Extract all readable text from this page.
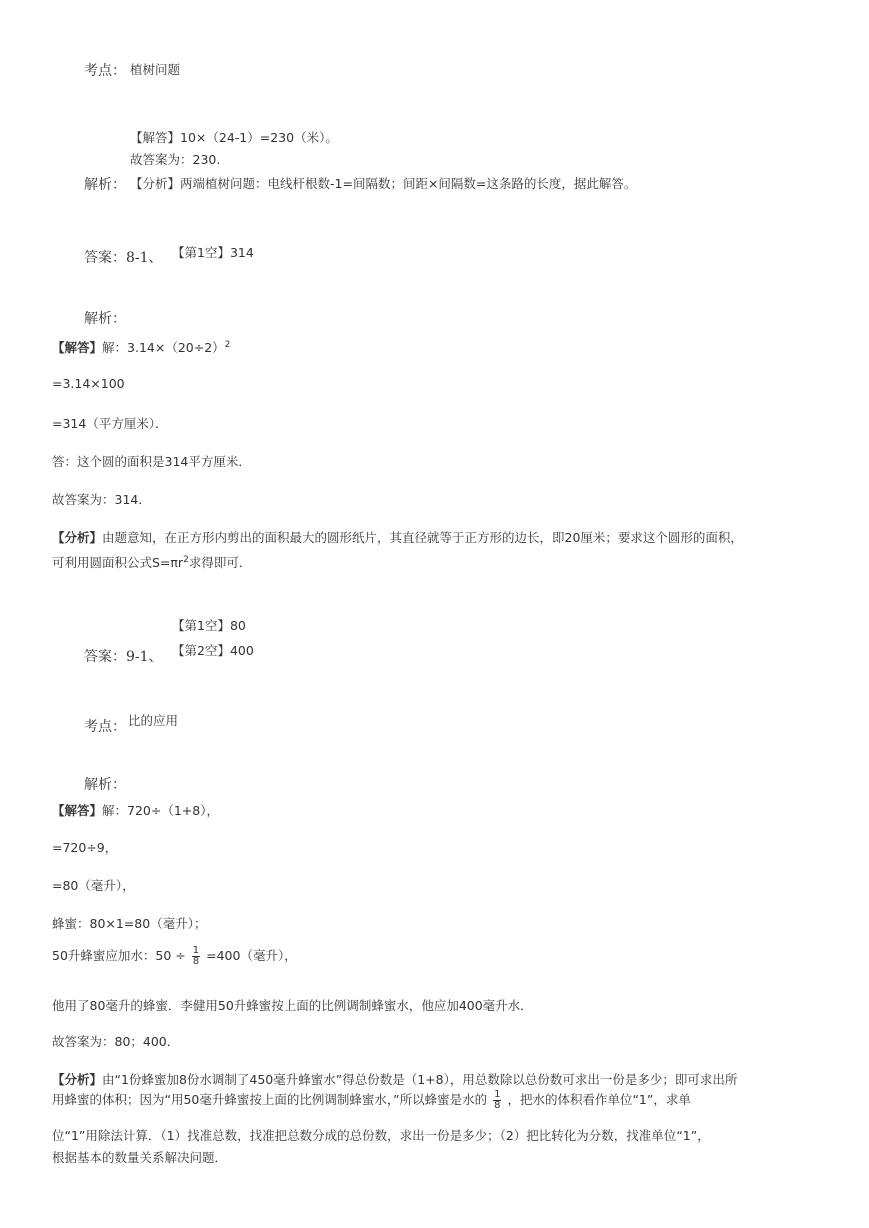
考点： 植树问题
【解答】10×（24-1）=230（米）。
故答案为：230.
解析： 【分析】两端植树问题：电线杆根数-1=间隔数；间距×间隔数=这条路的长度，据此解答。
答案：8-1、 【第1空】314
解析：
【解答】解：$3.14\times(20\div 2)^2$
=3.14×100
=314（平方厘米）．
答：这个圆的面积是314平方厘米．
故答案为：314．
【分析】由题意知，在正方形内剪出的面积最大的圆形纸片，其直径就等于正方形的边长，即20厘米；要求这个圆形的面积，
可利用圆面积公式$S=\pi r^2$求得即可．
【第1空】80
答案：9-1、 【第2空】400
考点： 比的应用
解析：
【解答】解：720÷（1+8），
=720÷9，
=80（毫升），
蜂蜜：80×1=80（毫升）；
50升蜂蜜应加水：$50 \div \frac{1}{8} =400$（毫升），
他用了80毫升的蜂蜜．李健用50升蜂蜜按上面的比例调制蜂蜜水，他应加400毫升水．
故答案为：80；400．
【分析】由“1份蜂蜜加8份水调制了450毫升蜂蜜水”得总份数是（1+8），用总数除以总份数可求出一份是多少；即可求出所
用蜂蜜的体积；因为“用50毫升蜂蜜按上面的比例调制蜂蜜水，”所以蜂蜜是水的 $\frac{1}{8}$ ，把水的体积看作单位“1”，求单
位“1”用除法计算．（1）找准总数，找准把总数分成的总份数，求出一份是多少；（2）把比转化为分数，找准单位“1”，
根据基本的数量关系解决问题．
